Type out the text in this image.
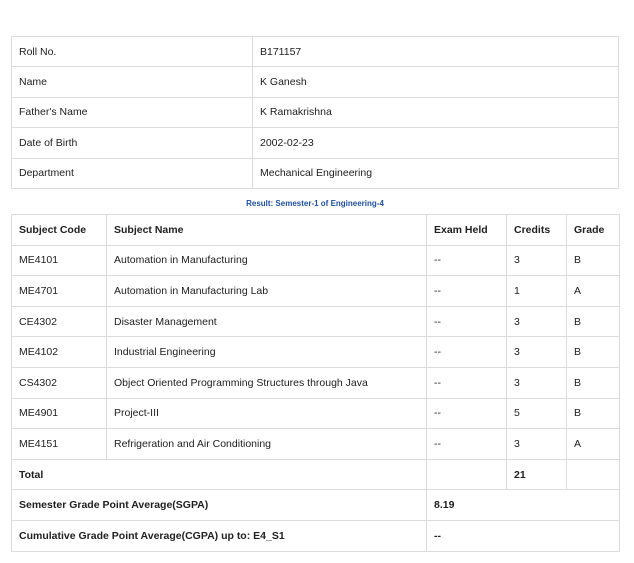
Roll No.	B171157
Name	K Ganesh
Father's Name	K Ramakrishna
Date of Birth	2002-02-23
Department	Mechanical Engineering
Result: Semester-1 of Engineering-4
Subject Code	Subject Name	Exam Held	Credits	Grade
ME4101	Automation in Manufacturing	--	3	B
ME4701	Automation in Manufacturing Lab	--	1	A
CE4302	Disaster Management	--	3	B
ME4102	Industrial Engineering	--	3	B
CS4302	Object Oriented Programming Structures through Java	--	3	B
ME4901	Project-III	--	5	B
ME4151	Refrigeration and Air Conditioning	--	3	A
Total			21	
Semester Grade Point Average(SGPA)		8.19		
Cumulative Grade Point Average(CGPA) up to: E4_S1		--		
